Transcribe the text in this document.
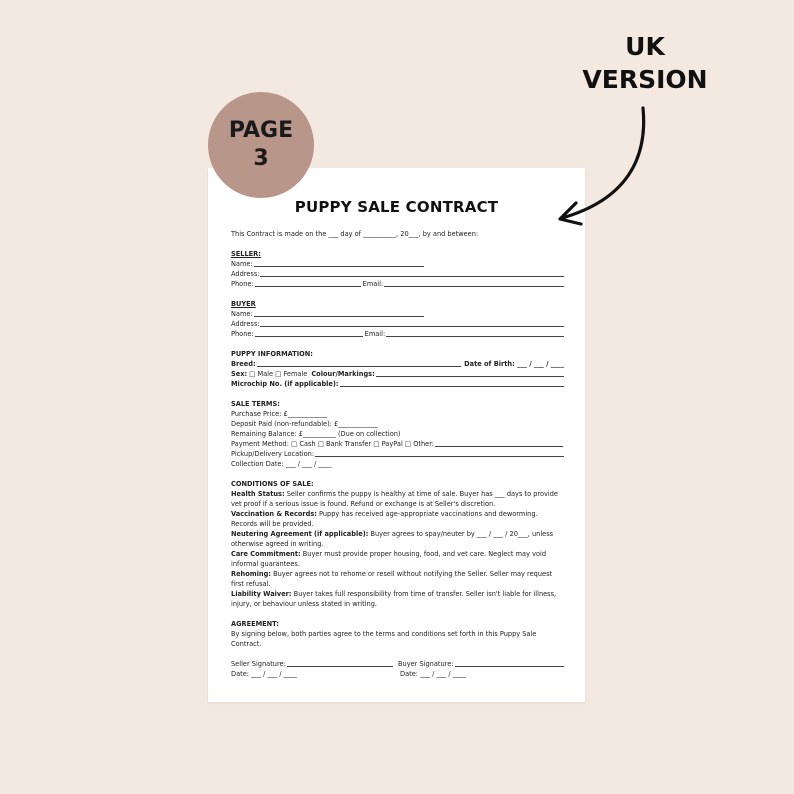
UK
VERSION
PAGE
3
PUPPY SALE CONTRACT

This Contract is made on the ___ day of __________, 20___, by and between:

SELLER:

Name:
Address:
Phone:	Email:

BUYER

Name:
Address:
Phone:	Email:

PUPPY INFORMATION:

Breed:	Date of Birth: ___ / ___ / ____
Sex: □ Male □ Female Colour/Markings:
Microchip No. (if applicable):

SALE TERMS:

Purchase Price: £____________

Deposit Paid (non-refundable): £____________

Remaining Balance: £__________ (Due on collection)

Payment Method: □ Cash □ Bank Transfer □ PayPal □ Other:
Pickup/Delivery Location:

Collection Date: ___ / ___ / ____

CONDITIONS OF SALE:

Health Status: Seller confirms the puppy is healthy at time of sale. Buyer has ___ days to provide vet proof if a serious issue is found. Refund or exchange is at Seller's discretion.

Vaccination & Records: Puppy has received age-appropriate vaccinations and deworming. Records will be provided.

Neutering Agreement (if applicable): Buyer agrees to spay/neuter by ___ / ___ / 20___, unless otherwise agreed in writing.

Care Commitment: Buyer must provide proper housing, food, and vet care. Neglect may void informal guarantees.

Rehoming: Buyer agrees not to rehome or resell without notifying the Seller. Seller may request first refusal.

Liability Waiver: Buyer takes full responsibility from time of transfer. Seller isn't liable for illness, injury, or behaviour unless stated in writing.

AGREEMENT:

By signing below, both parties agree to the terms and conditions set forth in this Puppy Sale Contract.

Seller Signature:

Date: ___ / ___ / ____

Buyer Signature:

Date: ___ / ___ / ____
